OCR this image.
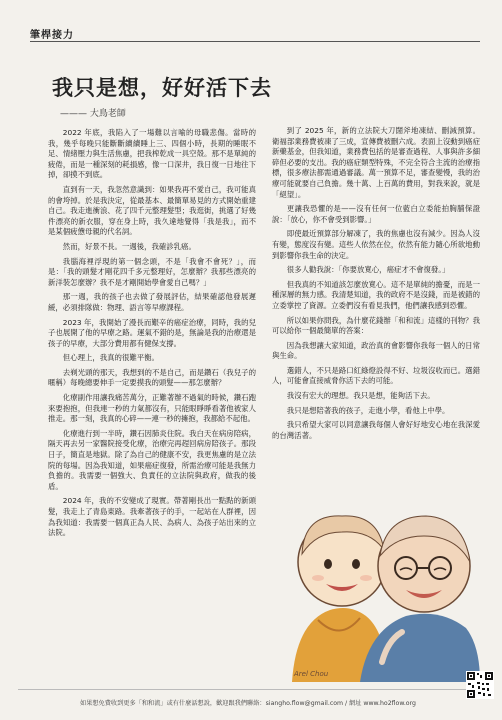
筆桿接力
我只是想，好好活下去
——— 大鳥老師

2022 年底，我陷入了一場難以言喻的母職悲傷。當時的我，幾乎每晚只能斷斷續續睡上三、四個小時，長期的睡眠不足、情緒壓力與生活焦慮，把我榨乾成一具空殼。那不是單純的疲倦，而是一種深刻的耗損感，像一口深井，我日復一日地往下掉，卻摸不到底。

直到有一天，我忽然意識到：如果我再不愛自己，我可能真的會垮掉。於是我決定，從最基本、最簡單易見的方式開始重建自己。我走進衝浪、花了四千元整理髮型；我逛街，挑選了好幾件漂亮的新衣服，穿在身上時，我久違地覺得「我是我」，而不是某個疲憊母親的代名詞。

然而，好景不長。一週後，我確診乳癌。

我腦海裡浮現的第一個念頭，不是「我會不會死？」，而是：「我的頭髮才剛花四千多元整理好，怎麼辦？我那些漂亮的新洋裝怎麼辦？我不是才剛開始學會愛自己嗎？」

那一週，我的孩子也去做了發展評估，結果確認他發展遲緩，必須排隊做：物理、語言等早療課程。

2023 年，我開始了漫長而艱辛的癌症治療，同時，我的兒子也展開了他的早療之路。運氣不錯的是，無論是我的治療還是孩子的早療，大部分費用都有健保支撐。

但心理上，我真的很難平衡。

去剃光頭的那天，我想到的不是自己，而是鑽石（我兒子的暱稱）每晚總要伸手一定要摸我的頭髮——那怎麼辦？

化療副作用讓我痛苦萬分，正難著辦不過氣的時候，鑽石跑來要抱抱，但我連一秒的力氣都沒有，只能眼睜睜看著他被家人推走。那一刻，我真的心碎——連一秒的擁抱，我都給不起他。

化療進行到一半時，鑽石因肺炎住院。我白天在病房陪病，隔天再去另一家醫院接受化療，治療完再趕回病房陪孩子。那段日子，簡直是地獄。除了為自己的健康不安，我更焦慮的是立法院的每場。因為我知道，如果癌症復發，所需治療可能是我無力負擔的。我需要一個強大、負責任的立法院與政府，做我的後盾。

2024 年，我的不安變成了現實。帶著剛長出一點點的新頭髮，我走上了青島東路。我牽著孩子的手，一起站在人群裡，因為我知道：我需要一個真正為人民、為病人、為孩子站出來的立法院。

到了 2025 年，新的立法院大刀闊斧地凍結、刪減預算。衛福部業務費被凍了三成，宣傳費被刪六成。表面上沒動到癌症新藥基金，但我知道，業務費包括的是審查過程、人事與許多細碎但必要的支出。我的癌症類型特殊，不完全符合主流的治療指標，很多療法都需通過審議。萬一預算不足，審查變慢，我的治療可能就要自己負擔。幾十萬、上百萬的費用，對我來說，就是「絕望」。

更讓我恐懼的是——沒有任何一位藍白立委能拍胸脯保證說：「放心，你不會受到影響。」

即使最近預算部分解凍了，我的焦慮也沒有減少。因為人沒有變，態度沒有變。這些人依然在位，依然有能力隨心所欲地動到影響你我生命的決定。

很多人勸我說：「你要放寬心，癌症才不會復發。」

但我真的不知道該怎麼放寬心。這不是單純的擔憂，而是一種深層的無力感。我清楚知道，我的政府不是沒錢，而是被錯的立委掌控了資源。立委們沒有看見我們，他們讓我感到恐懼。

所以如果你問我，為什麼花錢辦「和和流」這樣的刊物？我可以給你一個最簡單的答案：

因為我想讓大家知道，政治真的會影響你我每一個人的日常與生命。

選錯人，不只是路口紅綠燈設得不好、垃圾沒收而已。選錯人，可能會直接威脅你活下去的可能。

我沒有宏大的理想。我只是想，能夠活下去。

我只是想陪著我的孩子，走進小學，看他上中學。

我只希望大家可以同意讓我每個人會好好地安心地在我深愛的台灣活著。

Arel Chou
如果想免費收到更多「和和流」或有什麼話想說，歡迎跟我們聯絡：siangho.flow@gmail.com / 網址 www.ho2flow.org
